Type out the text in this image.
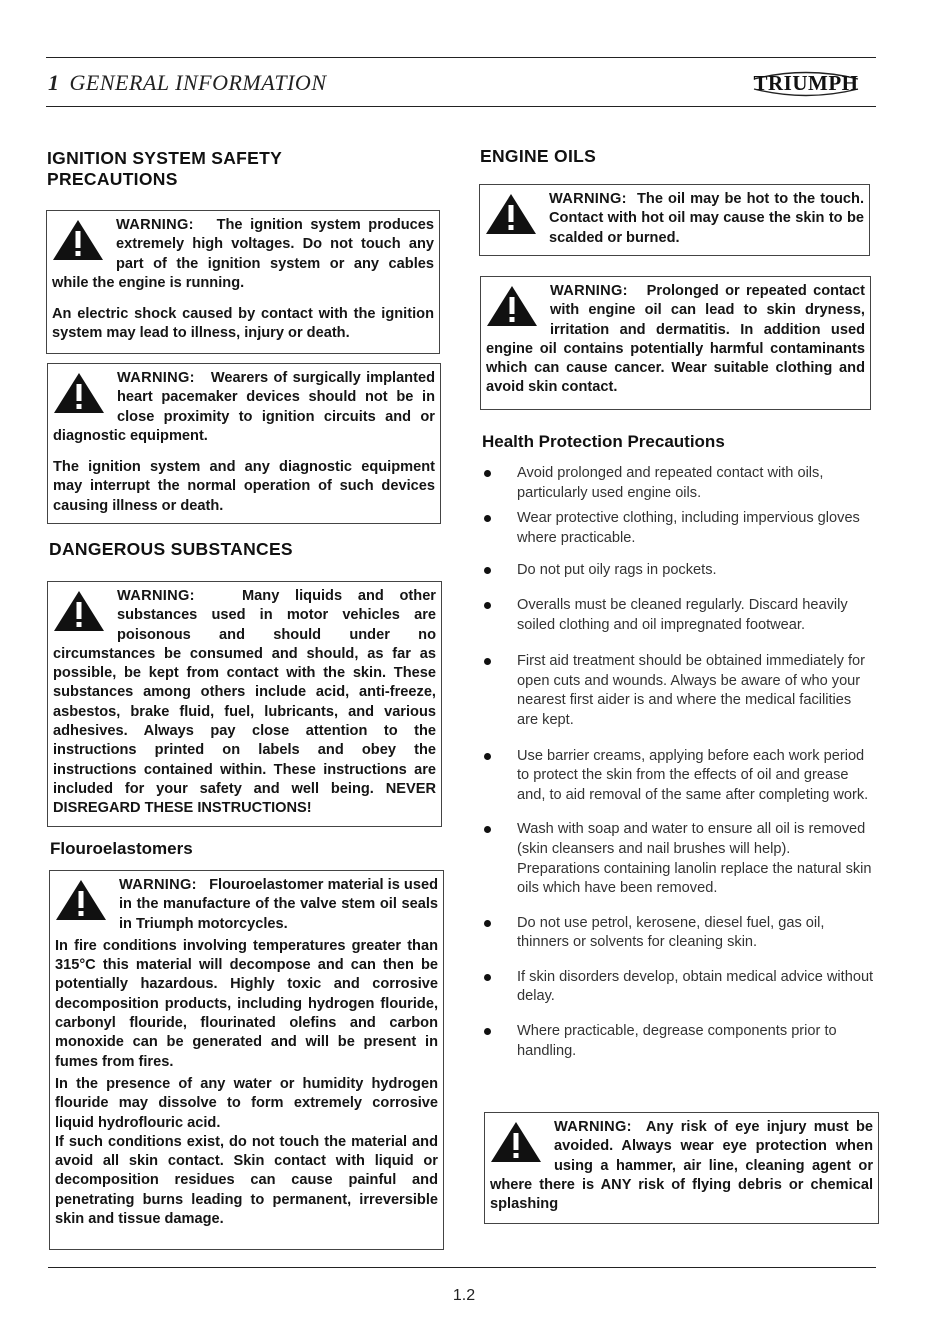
1 GENERAL INFORMATION	TRIUMPH
IGNITION SYSTEM SAFETY PRECAUTIONS

WARNING: The ignition system produces extremely high voltages. Do not touch any part of the ignition system or any cables while the engine is running.

An electric shock caused by contact with the ignition system may lead to illness, injury or death.

WARNING: Wearers of surgically implanted heart pacemaker devices should not be in close proximity to ignition circuits and or diagnostic equipment.

The ignition system and any diagnostic equipment may interrupt the normal operation of such devices causing illness or death.

DANGEROUS SUBSTANCES

WARNING:	Many liquids and other substances used in motor vehicles are poisonous and should under no circumstances be consumed and should, as far as possible, be kept from contact with the skin. These substances among others include acid, anti-freeze, asbestos, brake fluid, fuel, lubricants, and various adhesives. Always pay close attention to the instructions printed on labels and obey the instructions contained within. These instructions are included for your safety and well being. NEVER DISREGARD THESE INSTRUCTIONS!

Flouroelastomers

WARNING: Flouroelastomer material is used in the manufacture of the valve stem oil seals in Triumph motorcycles.

In fire conditions involving temperatures greater than 315°C this material will decompose and can then be potentially hazardous. Highly toxic and corrosive decomposition products, including hydrogen flouride, carbonyl flouride, flourinated olefins and carbon monoxide can be generated and will be present in fumes from fires.

In the presence of any water or humidity hydrogen flouride may dissolve to form extremely corrosive liquid hydroflouric acid.

If such conditions exist, do not touch the material and avoid all skin contact. Skin contact with liquid or decomposition residues can cause painful and penetrating burns leading to permanent, irreversible skin and tissue damage.

ENGINE OILS

WARNING: The oil may be hot to the touch. Contact with hot oil may cause the skin to be scalded or burned.

WARNING: Prolonged or repeated contact with engine oil can lead to skin dryness, irritation and dermatitis. In addition used engine oil contains potentially harmful contaminants which can cause cancer. Wear suitable clothing and avoid skin contact.

Health Protection Precautions
Avoid prolonged and repeated contact with oils, particularly used engine oils.
Wear protective clothing, including impervious gloves where practicable.
Do not put oily rags in pockets.
Overalls must be cleaned regularly. Discard heavily soiled clothing and oil impregnated footwear.
First aid treatment should be obtained immediately for open cuts and wounds. Always be aware of who your nearest first aider is and where the medical facilities are kept.
Use barrier creams, applying before each work period to protect the skin from the effects of oil and grease and, to aid removal of the same after completing work.
Wash with soap and water to ensure all oil is removed (skin cleansers and nail brushes will help). Preparations containing lanolin replace the natural skin oils which have been removed.
Do not use petrol, kerosene, diesel fuel, gas oil, thinners or solvents for cleaning skin.
If skin disorders develop, obtain medical advice without delay.
Where practicable, degrease components prior to handling.

WARNING: Any risk of eye injury must be avoided. Always wear eye protection when using a hammer, air line, cleaning agent or where there is ANY risk of flying debris or chemical splashing

1.2
